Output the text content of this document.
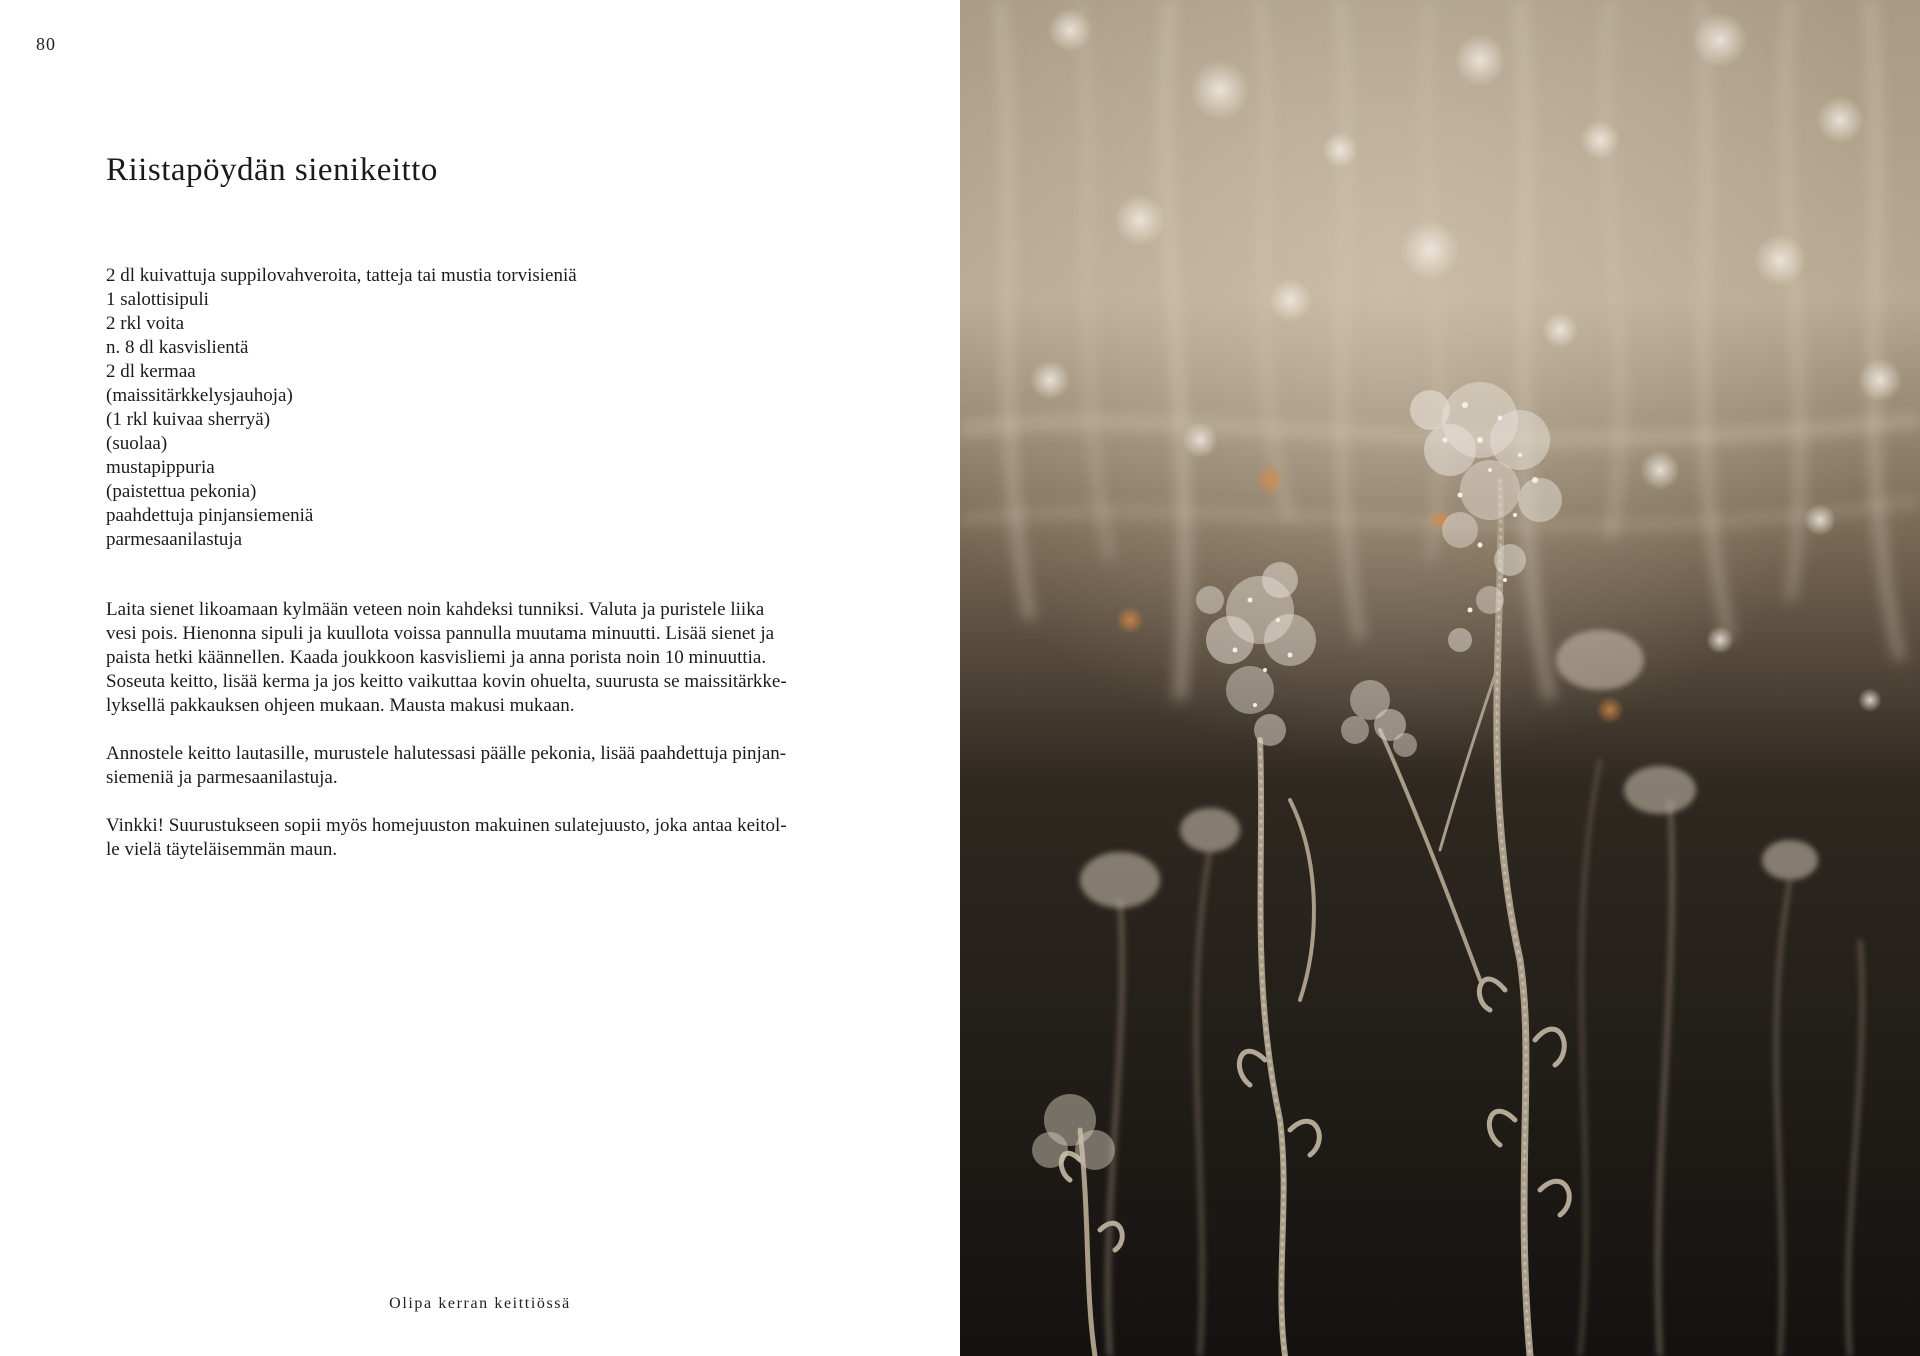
80
Riistapöydän sienikeitto
2 dl kuivattuja suppilovahveroita, tatteja tai mustia torvisieniä
1 salottisipuli
2 rkl voita
n. 8 dl kasvislientä
2 dl kermaa
(maissitärkkelysjauhoja)
(1 rkl kuivaa sherryä)
(suolaa)
mustapippuria
(paistettua pekonia)
paahdettuja pinjansiemeniä
parmesaanilastuja

Laita sienet likoamaan kylmään veteen noin kahdeksi tunniksi. Valuta ja puristele liika
vesi pois. Hienonna sipuli ja kuullota voissa pannulla muutama minuutti. Lisää sienet ja
paista hetki käännellen. Kaada joukkoon kasvisliemi ja anna porista noin 10 minuuttia.
Soseuta keitto, lisää kerma ja jos keitto vaikuttaa kovin ohuelta, suurusta se maissitärkke-
lyksellä pakkauksen ohjeen mukaan. Mausta makusi mukaan.

Annostele keitto lautasille, murustele halutessasi päälle pekonia, lisää paahdettuja pinjan-
siemeniä ja parmesaanilastuja.

Vinkki! Suurustukseen sopii myös homejuuston makuinen sulatejuusto, joka antaa keitol-
le vielä täyteläisemmän maun.

Olipa kerran keittiössä
